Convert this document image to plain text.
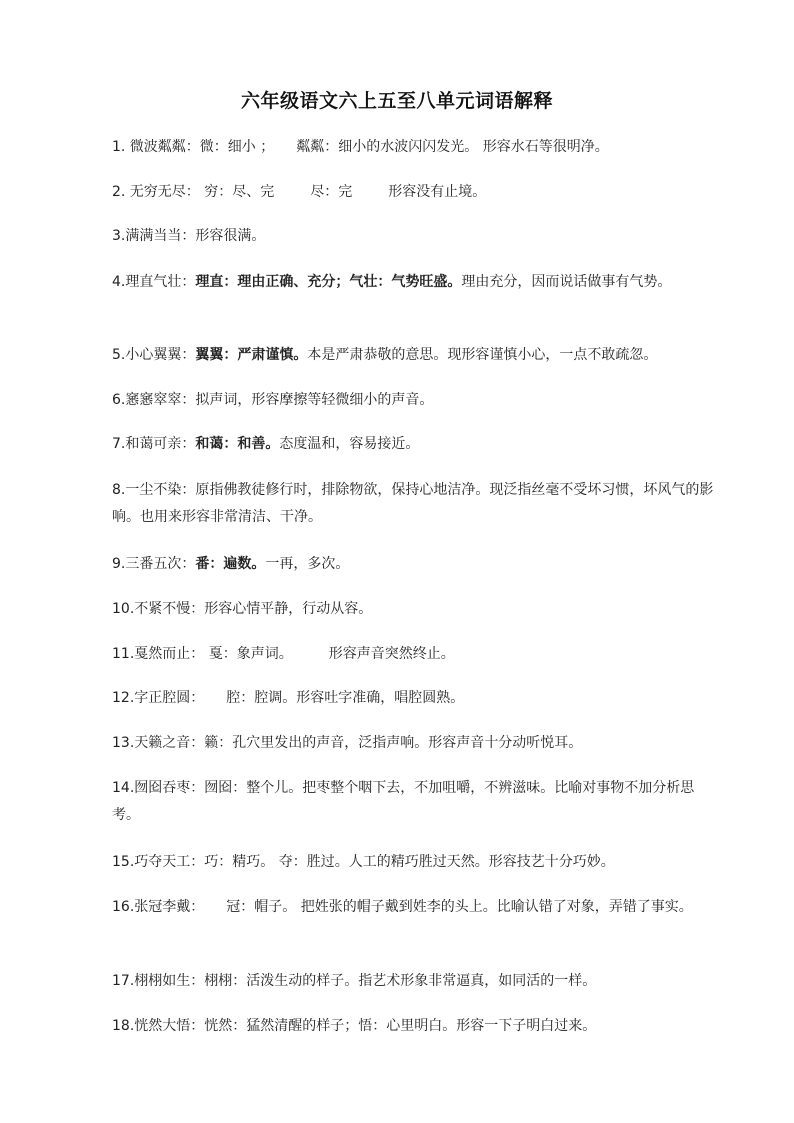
六年级语文六上五至八单元词语解释
1. 微波粼粼：微：细小 ； 粼粼：细小的水波闪闪发光。 形容水石等很明净。
2. 无穷无尽： 穷：尽、完	尽：完	形容没有止境。
3.满满当当：形容很满。
4.理直气壮：理直：理由正确、充分；气壮：气势旺盛。理由充分，因而说话做事有气势。
5.小心翼翼：翼翼：严肃谨慎。本是严肃恭敬的意思。现形容谨慎小心，一点不敢疏忽。
6.窸窸窣窣：拟声词，形容摩擦等轻微细小的声音。
7.和蔼可亲：和蔼：和善。态度温和，容易接近。
8.一尘不染：原指佛教徒修行时，排除物欲，保持心地洁净。现泛指丝毫不受坏习惯，坏风气的影响。也用来形容非常清洁、干净。
9.三番五次：番：遍数。一再，多次。
10.不紧不慢：形容心情平静，行动从容。
11.戛然而止： 戛：象声词。	形容声音突然终止。
12.字正腔圆： 腔：腔调。形容吐字准确，唱腔圆熟。
13.天籁之音：籁：孔穴里发出的声音，泛指声响。形容声音十分动听悦耳。
14.囫囵吞枣：囫囵：整个儿。把枣整个咽下去，不加咀嚼，不辨滋味。比喻对事物不加分析思考。
15.巧夺天工：巧：精巧。 夺：胜过。人工的精巧胜过天然。形容技艺十分巧妙。
16.张冠李戴： 冠：帽子。 把姓张的帽子戴到姓李的头上。比喻认错了对象，弄错了事实。
17.栩栩如生：栩栩：活泼生动的样子。指艺术形象非常逼真，如同活的一样。
18.恍然大悟：恍然：猛然清醒的样子；悟：心里明白。形容一下子明白过来。
